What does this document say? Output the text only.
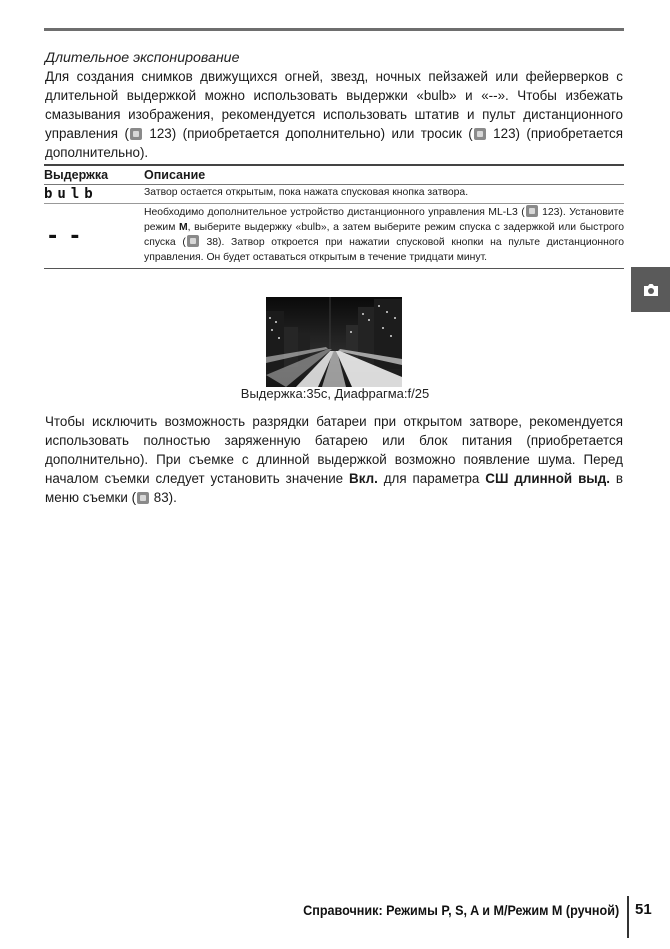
Длительное экспонирование
Для создания снимков движущихся огней, звезд, ночных пейзажей или фейерверков с длительной выдержкой можно использовать выдержки «bulb» и «--». Чтобы избежать смазывания изображения, рекомендуется использовать штатив и пульт дистанционного управления ( 123) (приобретается дополнительно) или тросик ( 123) (приобретается дополнительно).
Выдержка	Описание
bulb	Затвор остается открытым, пока нажата спусковая кнопка затвора.
--
Необходимо дополнительное устройство дистанционного управления ML-L3 ( 123). Установите режим M, выберите выдержку «bulb», а затем выберите режим спуска с задержкой или быстрого спуска ( 38). Затвор откроется при нажатии спусковой кнопки на пульте дистанционного управления. Он будет оставаться открытым в течение тридцати минут.
Выдержка:35с, Диафрагма:f/25
Чтобы исключить возможность разрядки батареи при открытом затворе, рекомендуется использовать полностью заряженную батарею или блок питания (приобретается дополнительно). При съемке с длинной выдержкой возможно появление шума. Перед началом съемки следует установить значение Вкл. для параметра СШ длинной выд. в меню съемки ( 83).
Справочник: Режимы P, S, A и M/Режим M (ручной) 51
